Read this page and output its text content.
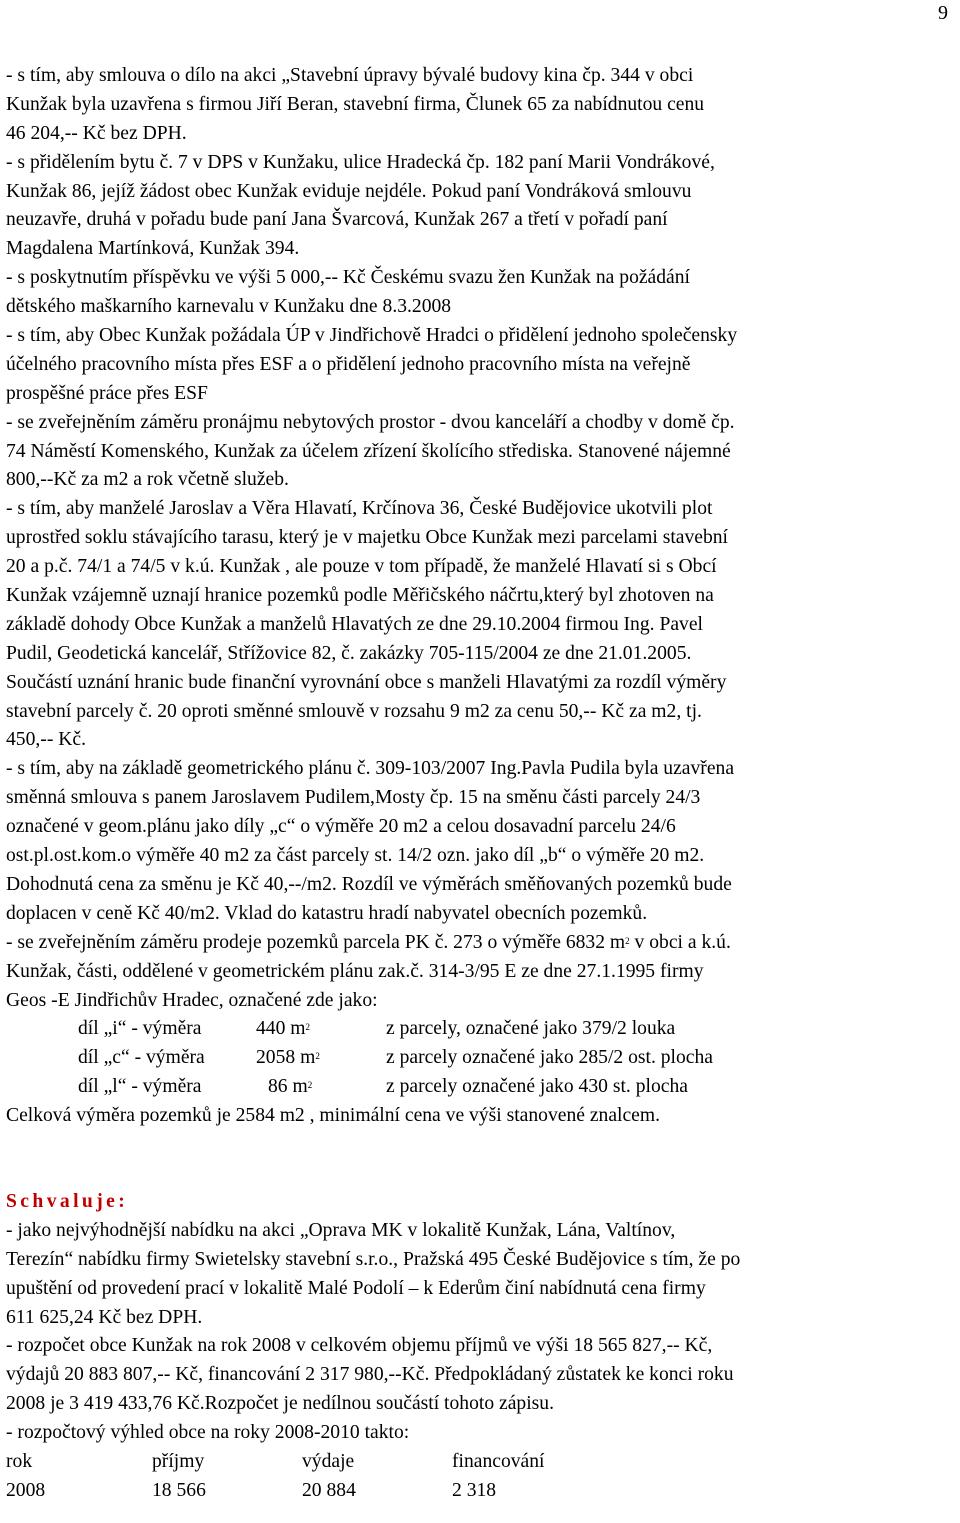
9
- s tím, aby smlouva o dílo na akci „Stavební úpravy bývalé budovy kina čp. 344 v obci
Kunžak byla uzavřena s firmou Jiří Beran, stavební firma, Člunek 65 za nabídnutou cenu
46 204,-- Kč bez DPH.
- s přidělením bytu č. 7 v DPS v Kunžaku, ulice Hradecká čp. 182 paní Marii Vondrákové,
Kunžak 86, jejíž žádost obec Kunžak eviduje nejdéle. Pokud paní Vondráková smlouvu
neuzavře, druhá v pořadu bude paní Jana Švarcová, Kunžak 267 a třetí v pořadí paní
Magdalena Martínková, Kunžak 394.
- s poskytnutím příspěvku ve výši 5 000,-- Kč Českému svazu žen Kunžak na požádání
dětského maškarního karnevalu v Kunžaku dne 8.3.2008
- s tím, aby Obec Kunžak požádala ÚP v Jindřichově Hradci o přidělení jednoho společensky
účelného pracovního místa přes ESF a o přidělení jednoho pracovního místa na veřejně
prospěšné práce přes ESF
- se zveřejněním záměru pronájmu nebytových prostor - dvou kanceláří a chodby v domě čp.
74 Náměstí Komenského, Kunžak za účelem zřízení školícího střediska. Stanovené nájemné
800,--Kč za m2 a rok včetně služeb.
- s tím, aby manželé Jaroslav a Věra Hlavatí, Krčínova 36, České Budějovice ukotvili plot
uprostřed soklu stávajícího tarasu, který je v majetku Obce Kunžak mezi parcelami stavební
20 a p.č. 74/1 a 74/5 v k.ú. Kunžak , ale pouze v tom případě, že manželé Hlavatí si s Obcí
Kunžak vzájemně uznají hranice pozemků podle Měřičského náčrtu,který byl zhotoven na
základě dohody Obce Kunžak a manželů Hlavatých ze dne 29.10.2004 firmou Ing. Pavel
Pudil, Geodetická kancelář, Střížovice 82, č. zakázky 705-115/2004 ze dne 21.01.2005.
Součástí uznání hranic bude finanční vyrovnání obce s manželi Hlavatými za rozdíl výměry
stavební parcely č. 20 oproti směnné smlouvě v rozsahu 9 m2 za cenu 50,-- Kč za m2, tj.
450,-- Kč.
- s tím, aby na základě geometrického plánu č. 309-103/2007 Ing.Pavla Pudila byla uzavřena
směnná smlouva s panem Jaroslavem Pudilem,Mosty čp. 15 na směnu části parcely 24/3
označené v geom.plánu jako díly „c“ o výměře 20 m2 a celou dosavadní parcelu 24/6
ost.pl.ost.kom.o výměře 40 m2 za část parcely st. 14/2 ozn. jako díl „b“ o výměře 20 m2.
Dohodnutá cena za směnu je Kč 40,--/m2. Rozdíl ve výměrách směňovaných pozemků bude
doplacen v ceně Kč 40/m2. Vklad do katastru hradí nabyvatel obecních pozemků.
- se zveřejněním záměru prodeje pozemků parcela PK č. 273 o výměře 6832 $m^2$ v obci a k.ú.
Kunžak, části, oddělené v geometrickém plánu zak.č. 314-3/95 E ze dne 27.1.1995 firmy
Geos -E Jindřichův Hradec, označené zde jako:
díl „i“ - výměra	440 $m^2$	z parcely, označené jako 379/2 louka
díl „c“ - výměra	2058 $m^2$	z parcely označené jako 285/2 ost. plocha
díl „l“ - výměra	86 $m^2$	z parcely označené jako 430 st. plocha
Celková výměra pozemků je 2584 m2 , minimální cena ve výši stanovené znalcem.
Schvaluje:
- jako nejvýhodnější nabídku na akci „Oprava MK v lokalitě Kunžak, Lána, Valtínov,
Terezín“ nabídku firmy Swietelsky stavební s.r.o., Pražská 495 České Budějovice s tím, že po
upuštění od provedení prací v lokalitě Malé Podolí – k Ederům činí nabídnutá cena firmy
611 625,24 Kč bez DPH.
- rozpočet obce Kunžak na rok 2008 v celkovém objemu příjmů ve výši 18 565 827,-- Kč,
výdajů 20 883 807,-- Kč, financování 2 317 980,--Kč. Předpokládaný zůstatek ke konci roku
2008 je 3 419 433,76 Kč.Rozpočet je nedílnou součástí tohoto zápisu.
- rozpočtový výhled obce na roky 2008-2010 takto:
rok	příjmy	výdaje	financování
2008	18 566	20 884	2 318
